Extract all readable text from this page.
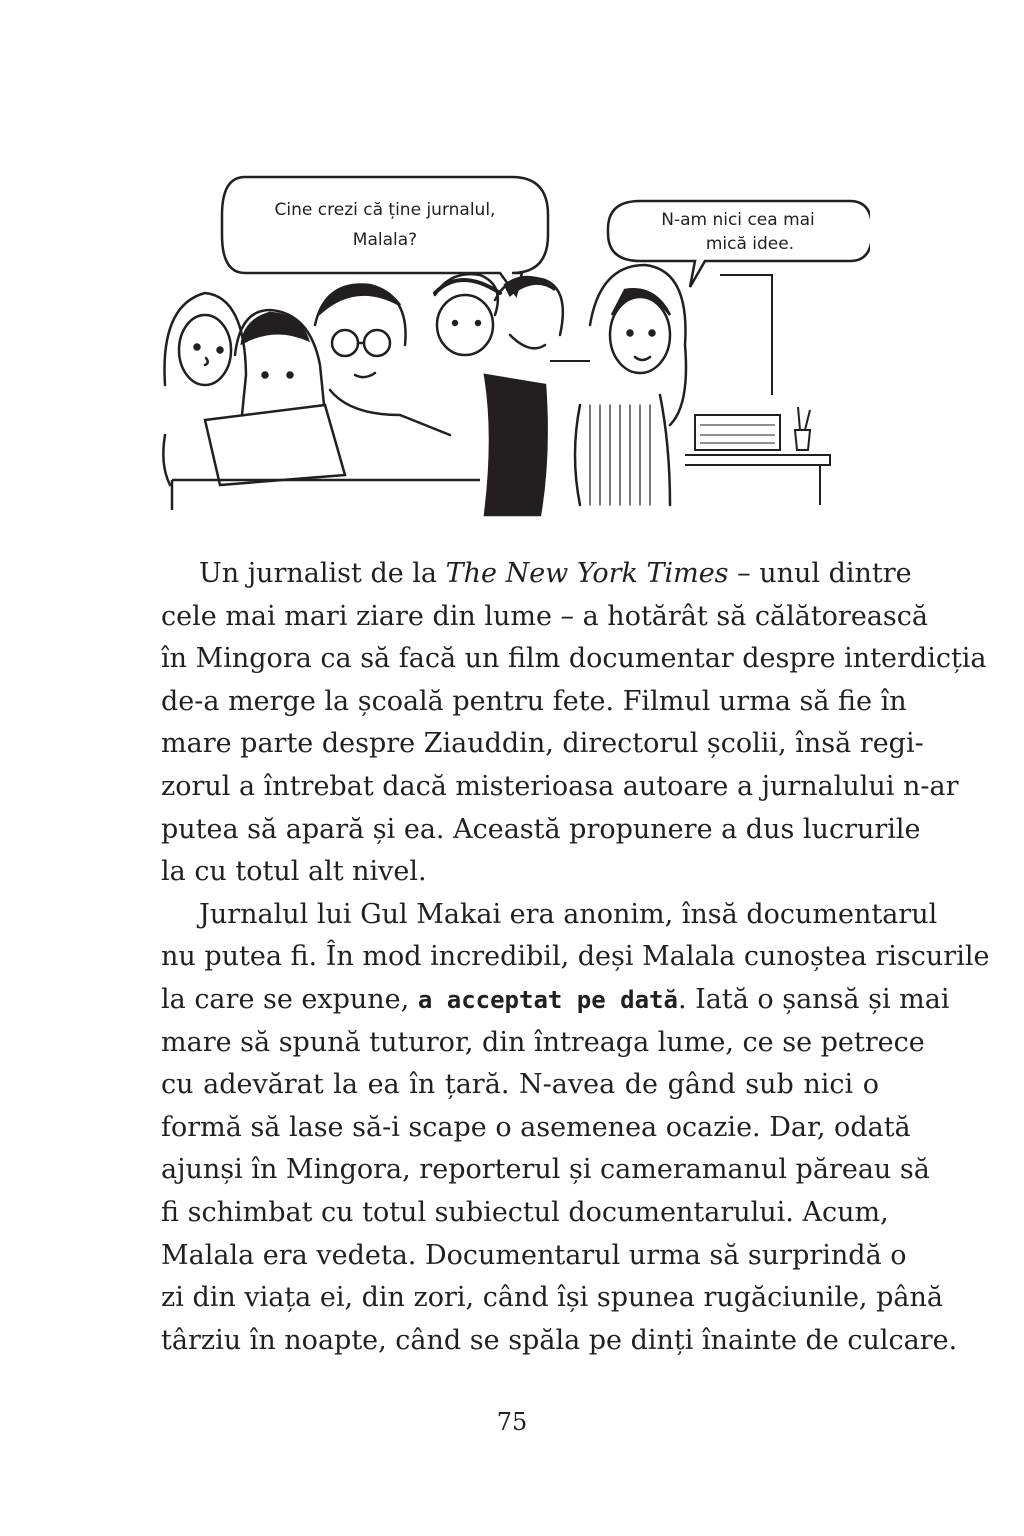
Cine crezi că ține jurnalul,
Malala?
N-am nici cea mai
mică idee.
Un jurnalist de la The New York Times – unul dintre
cele mai mari ziare din lume – a hotărât să călătorească
în Mingora ca să facă un film documentar despre interdicția
de-a merge la școală pentru fete. Filmul urma să fie în
mare parte despre Ziauddin, directorul școlii, însă regi-
zorul a întrebat dacă misterioasa autoare a jurnalului n-ar
putea să apară și ea. Această propunere a dus lucrurile
la cu totul alt nivel.
Jurnalul lui Gul Makai era anonim, însă documentarul
nu putea fi. În mod incredibil, deși Malala cunoștea riscurile
la care se expune, a acceptat pe dată. Iată o șansă și mai
mare să spună tuturor, din întreaga lume, ce se petrece
cu adevărat la ea în țară. N-avea de gând sub nici o
formă să lase să-i scape o asemenea ocazie. Dar, odată
ajunși în Mingora, reporterul și cameramanul păreau să
fi schimbat cu totul subiectul documentarului. Acum,
Malala era vedeta. Documentarul urma să surprindă o
zi din viața ei, din zori, când își spunea rugăciunile, până
târziu în noapte, când se spăla pe dinți înainte de culcare.
75
